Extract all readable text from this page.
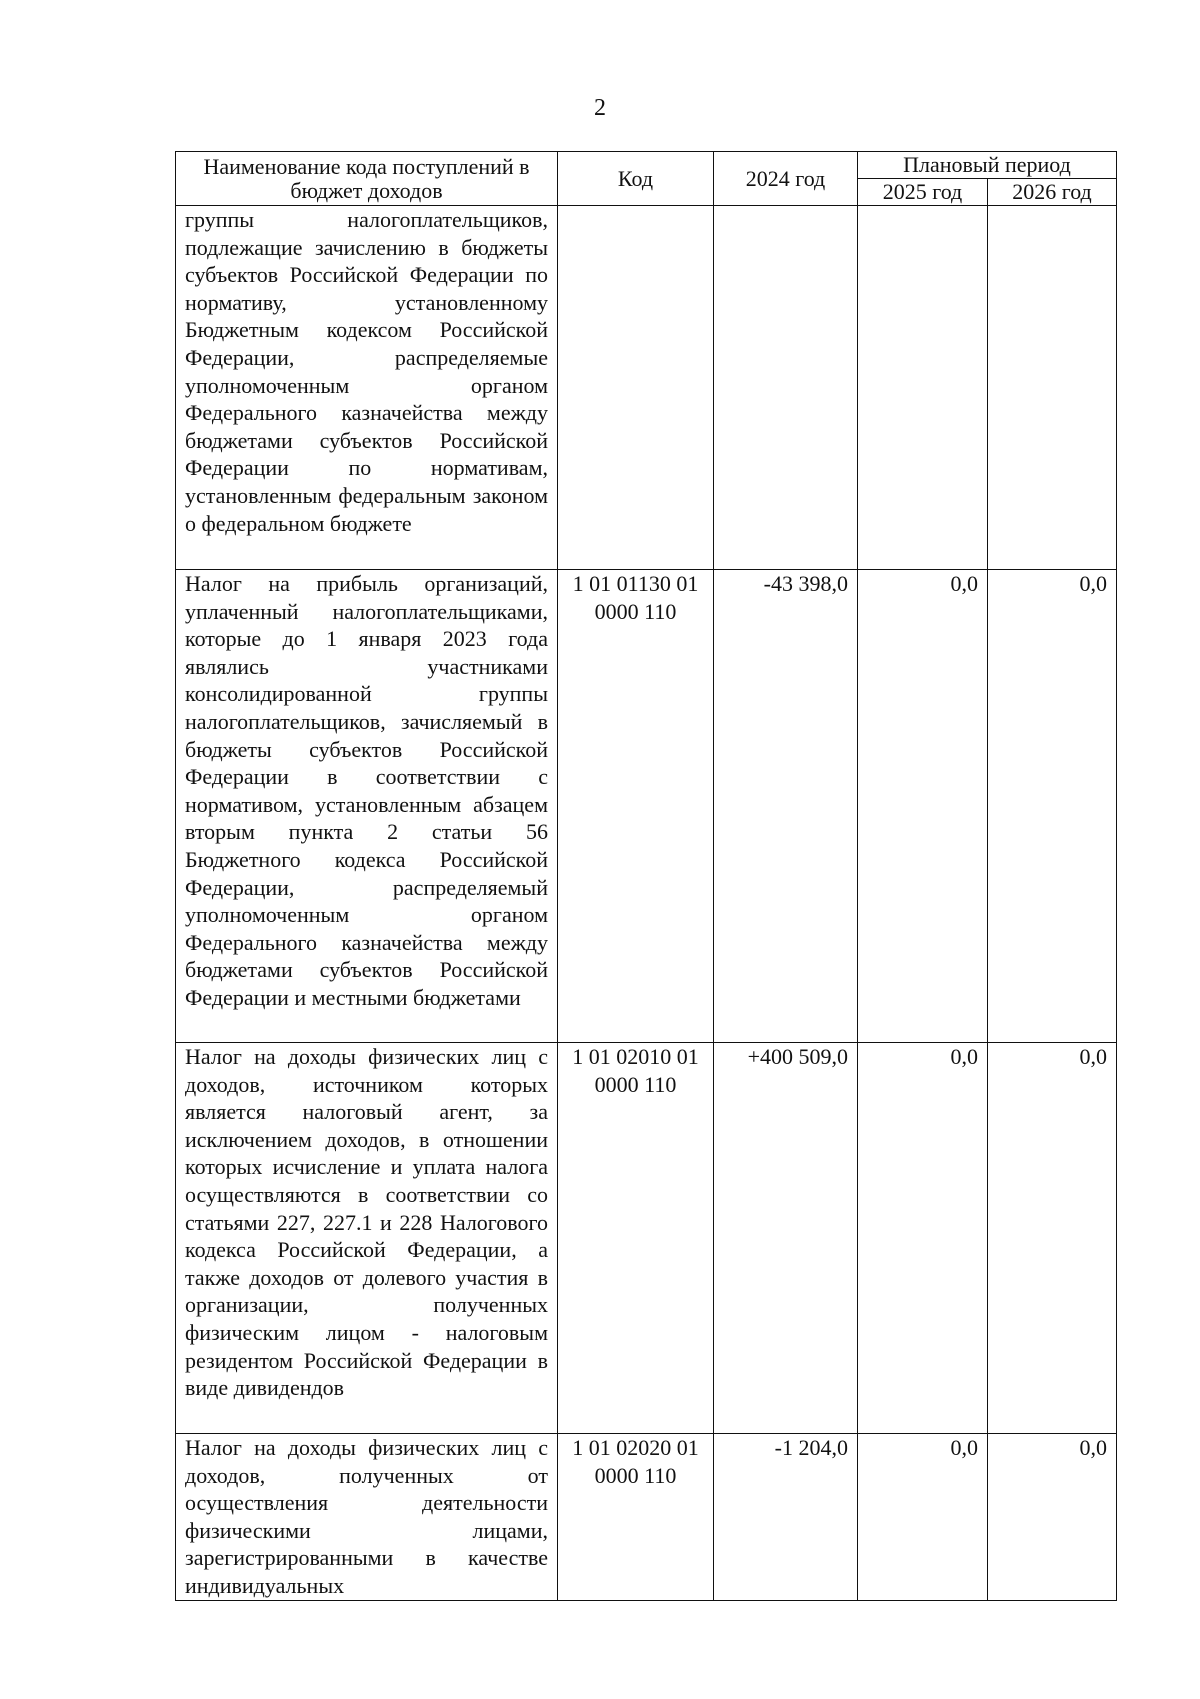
2
Наименование кода поступлений в бюджет доходов	Код	2024 год	Плановый период	
			2025 год	2026 год
группы налогоплательщиков, подлежащие зачислению в бюджеты субъектов Российской Федерации по нормативу, установленному Бюджетным кодексом Российской Федерации, распределяемые уполномоченным органом Федерального казначейства между бюджетами субъектов Российской Федерации по нормативам, установленным федеральным законом о федеральном бюджете				
Налог на прибыль организаций, уплаченный налогоплательщиками, которые до 1 января 2023 года являлись участниками консолидированной группы налогоплательщиков, зачисляемый в бюджеты субъектов Российской Федерации в соответствии с нормативом, установленным абзацем вторым пункта 2 статьи 56 Бюджетного кодекса Российской Федерации, распределяемый уполномоченным органом Федерального казначейства между бюджетами субъектов Российской Федерации и местными бюджетами	1 01 01130 01 0000 110	-43 398,0	0,0	0,0
Налог на доходы физических лиц с доходов, источником которых является налоговый агент, за исключением доходов, в отношении которых исчисление и уплата налога осуществляются в соответствии со статьями 227, 227.1 и 228 Налогового кодекса Российской Федерации, а также доходов от долевого участия в организации, полученных физическим лицом - налоговым резидентом Российской Федерации в виде дивидендов	1 01 02010 01 0000 110	+400 509,0	0,0	0,0
Налог на доходы физических лиц с доходов, полученных от осуществления деятельности физическими лицами, зарегистрированными в качестве индивидуальных	1 01 02020 01 0000 110	-1 204,0	0,0	0,0
